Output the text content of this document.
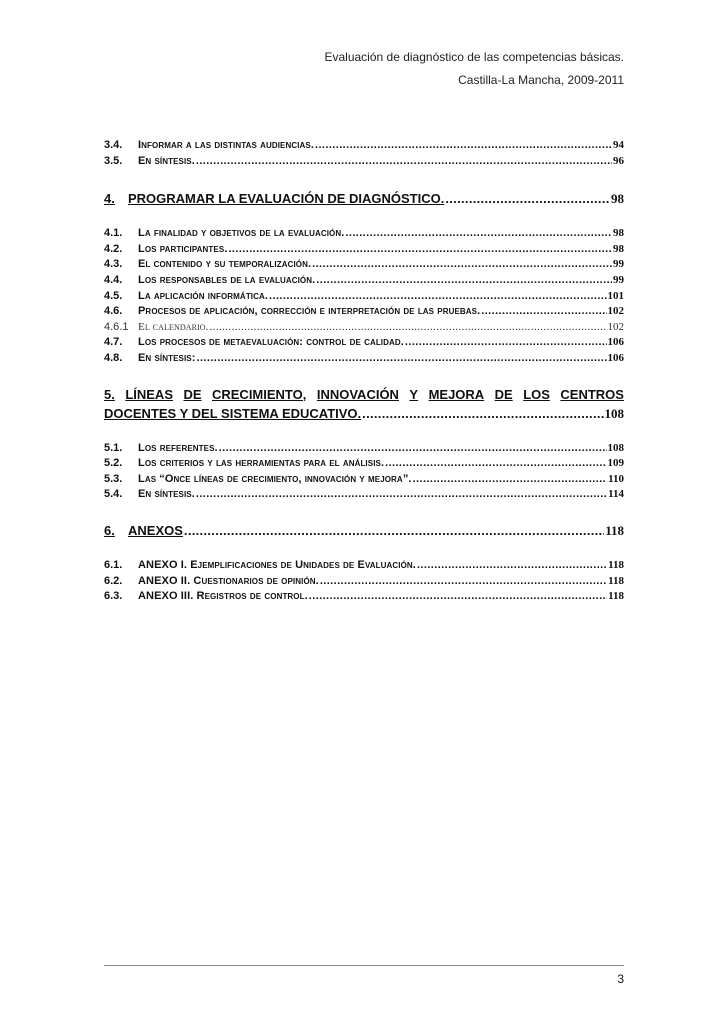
Evaluación de diagnóstico de las competencias básicas.
Castilla-La Mancha, 2009-2011
3.4.	Informar a las distintas audiencias. .....	94
3.5.	En síntesis. .....	96
4.	PROGRAMAR LA EVALUACIÓN DE DIAGNÓSTICO. .....	98
4.1.	La finalidad y objetivos de la evaluación. .....	98
4.2.	Los participantes. .....	98
4.3.	El contenido y su temporalización. .....	99
4.4.	Los responsables de la evaluación. .....	99
4.5.	La aplicación informática. .....	101
4.6.	Procesos de aplicación, corrección e interpretación de las pruebas. .....	102
4.6.1 El calendario. .....	102
4.7.	Los procesos de metaevaluación: control de calidad. .....	106
4.8.	En síntesis: .....	106
5. LÍNEAS DE CRECIMIENTO, INNOVACIÓN Y MEJORA DE LOS CENTROS
DOCENTES Y DEL SISTEMA EDUCATIVO. .....	108
5.1.	Los referentes. .....	108
5.2.	Los criterios y las herramientas para el análisis. .....	109
5.3.	Las “Once líneas de crecimiento, innovación y mejora”. .....	110
5.4.	En síntesis. .....	114
6.	ANEXOS .....	118
6.1.	ANEXO I. Ejemplificaciones de Unidades de Evaluación. .....	118
6.2.	ANEXO II. Cuestionarios de opinión. .....	118
6.3.	ANEXO III. Registros de control. .....	118
3
